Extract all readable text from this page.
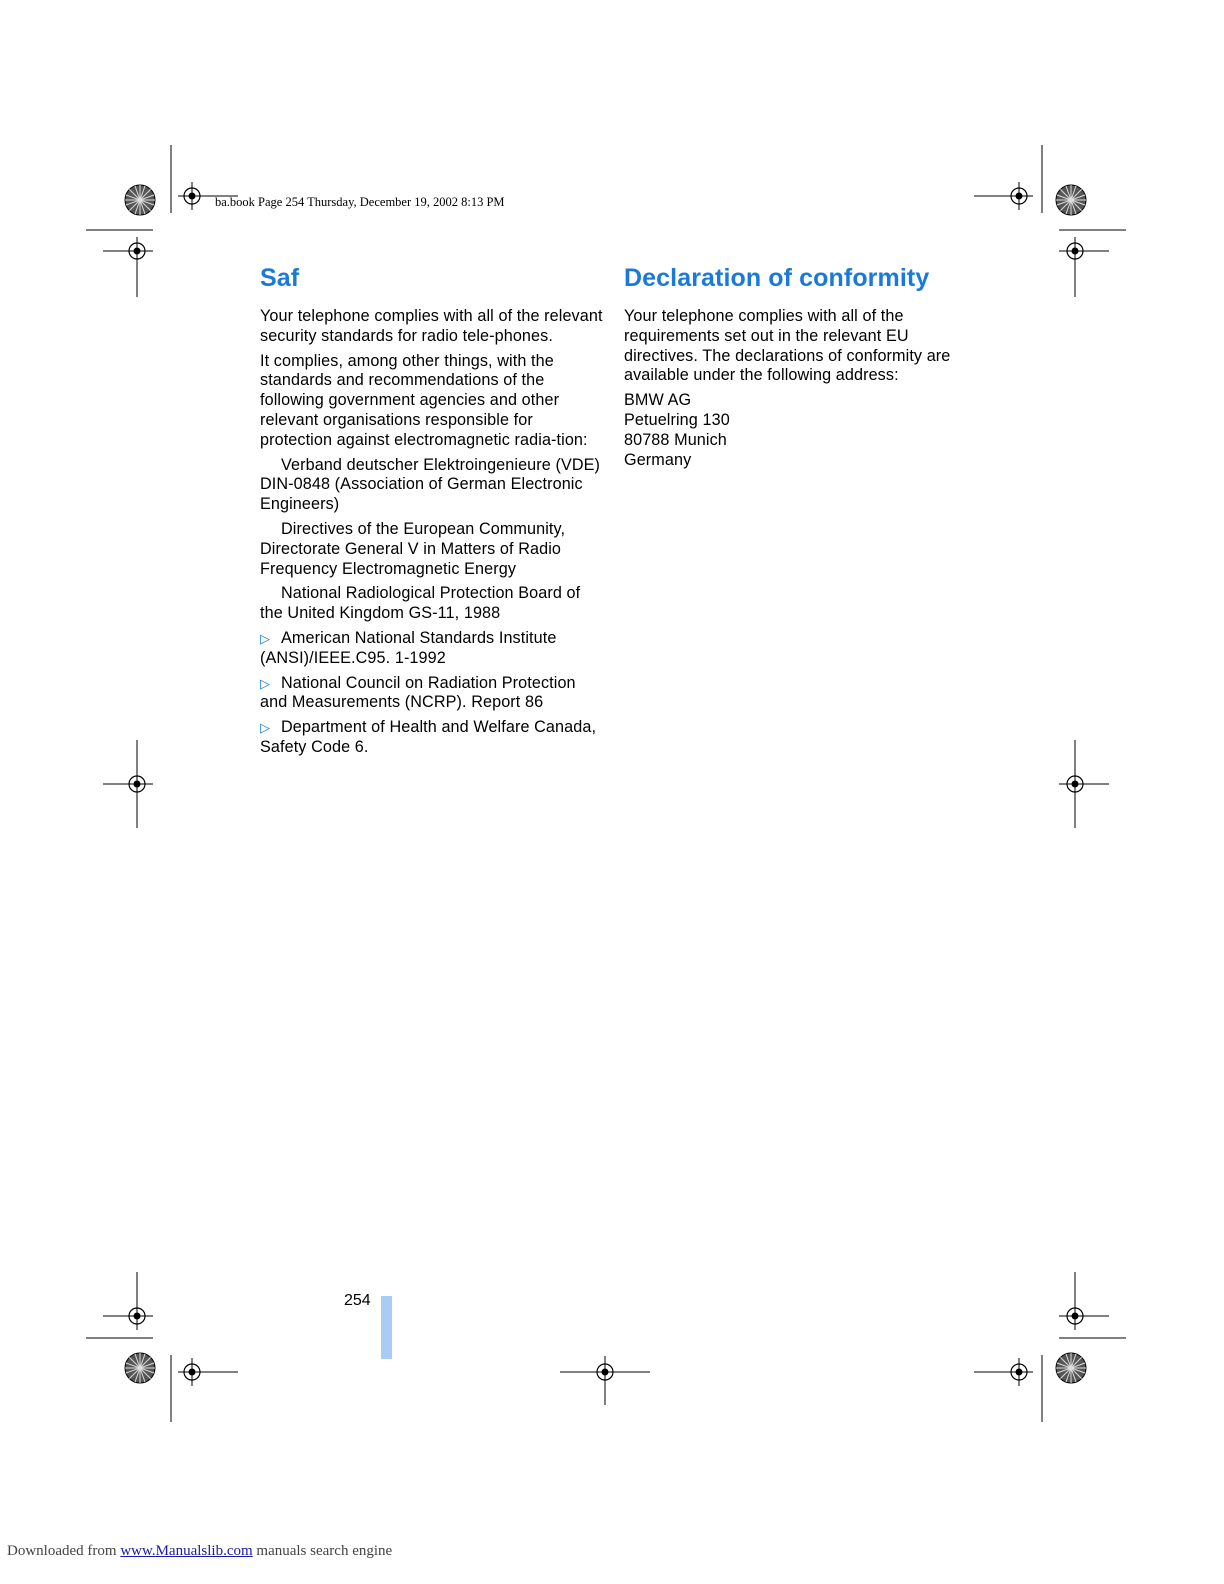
ba.book Page 254 Thursday, December 19, 2002 8:13 PM
Saf

Your telephone complies with all of the relevant security standards for radio tele-phones.

It complies, among other things, with the standards and recommendations of the following government agencies and other relevant organisations responsible for protection against electromagnetic radia-tion:

Verband deutscher Elektroingenieure (VDE) DIN-0848 (Association of German Electronic Engineers)

Directives of the European Community, Directorate General V in Matters of Radio Frequency Electromagnetic Energy

National Radiological Protection Board of the United Kingdom GS-11, 1988

▷ American National Standards Institute (ANSI)/IEEE.C95. 1-1992

▷ National Council on Radiation Protection and Measurements (NCRP). Report 86

▷ Department of Health and Welfare Canada, Safety Code 6.

Declaration of conformity

Your telephone complies with all of the requirements set out in the relevant EU directives. The declarations of conformity are available under the following address:

BMW AG
Petuelring 130
80788 Munich
Germany
254
Downloaded from www.Manualslib.com manuals search engine
